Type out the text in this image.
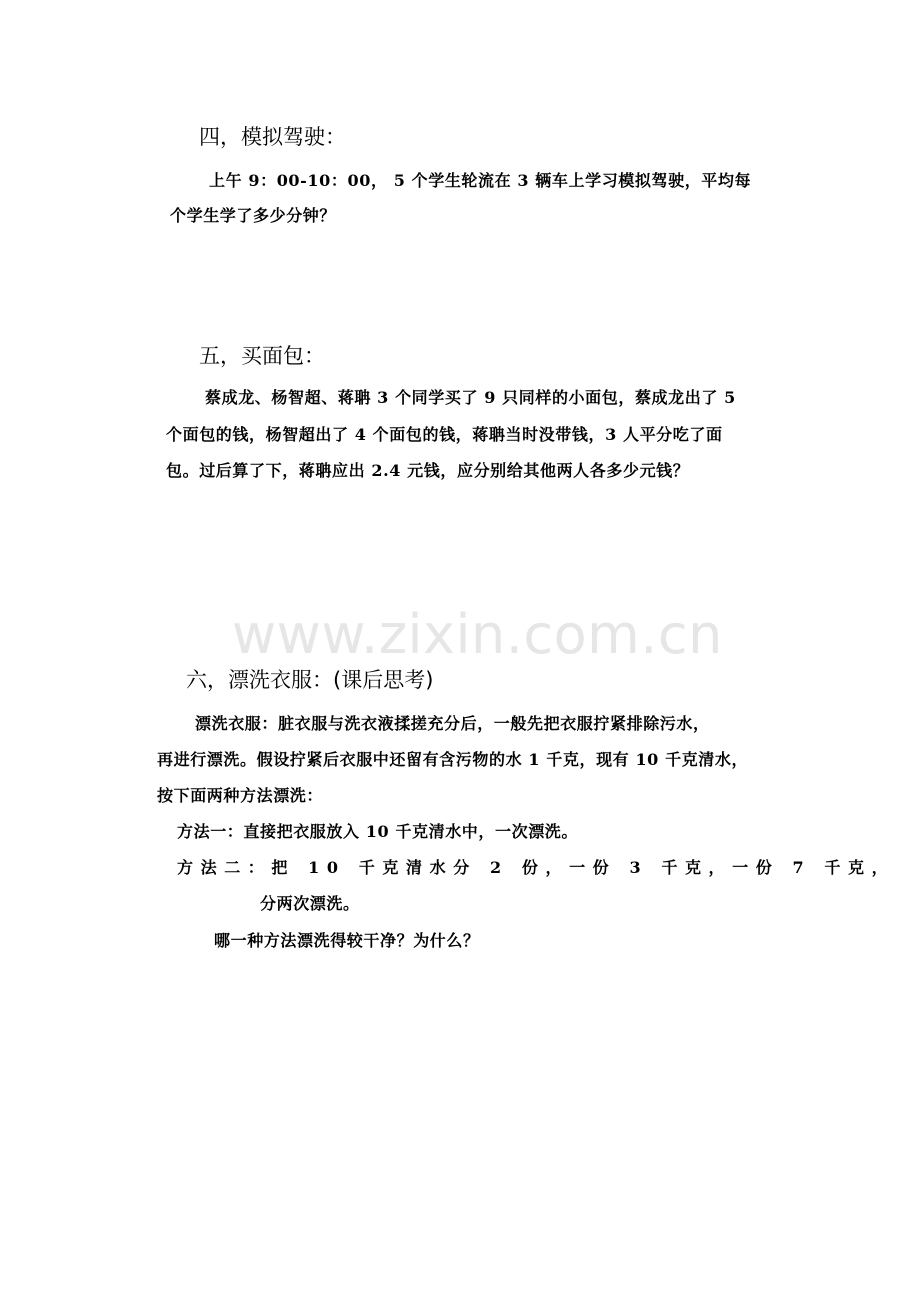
四，模拟驾驶：
上午 9：00-10：00， 5 个学生轮流在 3 辆车上学习模拟驾驶，平均每
个学生学了多少分钟？
五，买面包：
蔡成龙、杨智超、蒋聃 3 个同学买了 9 只同样的小面包，蔡成龙出了 5
个面包的钱，杨智超出了 4 个面包的钱，蒋聃当时没带钱，3 人平分吃了面
包。过后算了下，蒋聃应出 2.4 元钱，应分别给其他两人各多少元钱？
www.zixin.com.cn
六，漂洗衣服：(课后思考)
漂洗衣服：脏衣服与洗衣液揉搓充分后，一般先把衣服拧紧排除污水，
再进行漂洗。假设拧紧后衣服中还留有含污物的水 1 千克，现有 10 千克清水，
按下面两种方法漂洗：
方法一：直接把衣服放入 10 千克清水中，一次漂洗。
方法二：把 10 千克清水分 2 份，一份 3 千克，一份 7 千克，
分两次漂洗。
哪一种方法漂洗得较干净？为什么？
